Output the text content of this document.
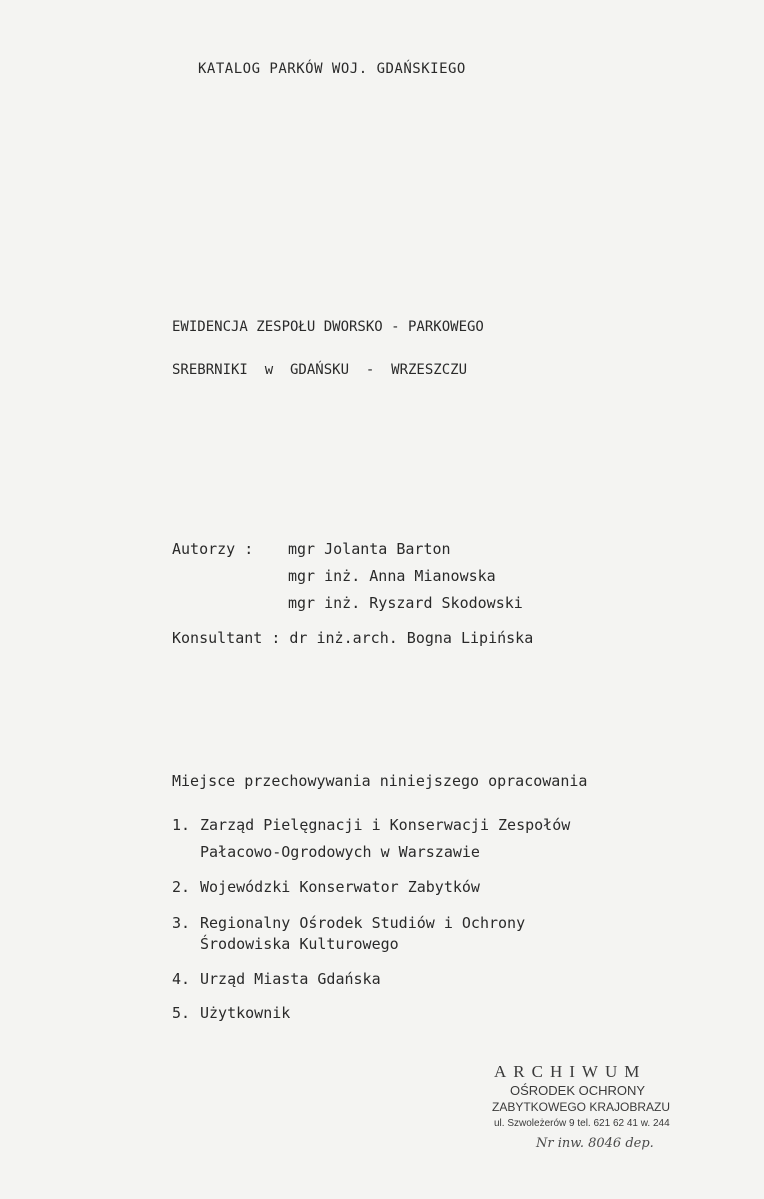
KATALOG PARKÓW WOJ. GDAŃSKIEGO
EWIDENCJA ZESPOŁU DWORSKO - PARKOWEGO
SREBRNIKI  w  GDAŃSKU  -  WRZESZCZU
Autorzy : mgr Jolanta Barton
mgr inż. Anna Mianowska
mgr inż. Ryszard Skodowski
Konsultant : dr inż.arch. Bogna Lipińska
Miejsce przechowywania niniejszego opracowania
1. Zarząd Pielęgnacji i Konserwacji Zespołów
Pałacowo-Ogrodowych w Warszawie
2. Wojewódzki Konserwator Zabytków
3. Regionalny Ośrodek Studiów i Ochrony
Środowiska Kulturowego
4. Urząd Miasta Gdańska
5. Użytkownik
ARCHIWUM
OŚRODEK OCHRONY
ZABYTKOWEGO KRAJOBRAZU
ul. Szwoleżerów 9 tel. 621 62 41 w. 244
Nr inw. 8046 dep.
